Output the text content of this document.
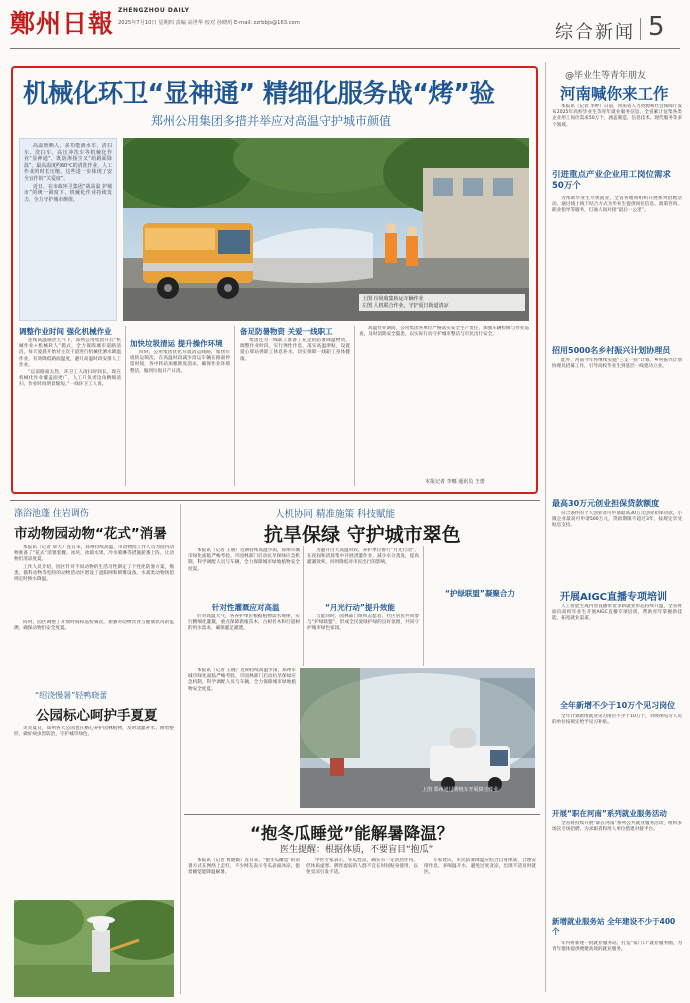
鄭州日報 ZHENGZHOU DAILY
2025年7月10日 星期四 责编 高世华 校对 孙晓玥 E-mail: zzrbbjs@163.com	综合新闻 5
机械化环卫“显神通” 精细化服务战“烤”验
郑州公用集团多措并举应对高温守护城市颜值

高温既晒人，多功能洒水车、清扫车、洗扫车、高压冲洗车等机械化作业“显神通”，既防渗扬尘又“给路面降温”。最高温度约60℃的清洗作业、人工作业的时长压缩，这些进一步体现了安全宜作的“关爱度”。

近日，在市政环卫集团“战高温 护城市”的统一调度下，机械化作业持续发力，全力守护城市颜值。

上图 垃圾收集转运车辆作业
左图 人机联合作业，守护夏日街道清凉
调整作业时间 强化机械作业

连续高温晴热天气下，郑州公用集团开启“机械作业+机械转人”模式，全力保障城市道路清洁。每天凌晨开始对主次干道进行机械化洒水降温作业，有效降低路面温度，避开高温时段安排人工作业。

“以前路面太热，环卫工人清扫时间长。现在机械化作业覆盖面更广，人工只负责边角精细清扫，作业时间明显缩短。”一线环卫工人说。

加快垃圾清运 提升操作环境

同时，公用集团优化垃圾清运线路，加快垃圾转运频次，在高温时段减少清运车辆在路面停留时间，各中转站加强除臭消杀，确保作业环境整洁，做到垃圾日产日清。

备足防暑物资 关爱一线职工

集团还为一线职工准备了充足的防暑降温物资，调整作业时段，实行弹性作息，落实高温津贴，设置爱心驿站供职工休息补水，切实保障一线职工身体健康。

高温作业期间，公用集团各单位严格落实安全生产责任，加强车辆检修与作业巡查，及时消除安全隐患，以实际行动守护城市整洁与市民出行安全。

本报记者 李娜 通讯员 王蕾
@毕业生等青年朋友
河南喊你来工作

本报讯（记者 李婷）日前，河南省人力资源和社会保障厅发布2025年高校毕业生等青年就业服务信息，全省累计征集各类企业用工岗位需求50万个，涵盖制造、信息技术、现代服务等多个领域。

引进重点产业企业用工岗位需求50万个

为帮助毕业生尽快就业，全省各地将组织开展系列招聘活动，通过线上线下结合方式为毕业生提供岗位信息、政策咨询、职业指导等服务，打通人岗对接“最后一公里”。

招用5000名乡村振兴计划协理员

此外，河南今年将继续实施“三支一扶”计划、乡村振兴计划协理员招募工作，引导高校毕业生到基层一线建功立业。

最高30万元创业担保贷款额度

符合条件的个人创业者可申请最高30万元创业担保贷款，小微企业最高可申请500万元，贷款期限不超过3年，按规定享受贴息支持。

开展AIGC直播专项培训

人工智能生成内容直播带货等新就业形态持续升温，全省将面向高校毕业生开展AIGC直播专项培训，帮助青年掌握新技能、拓宽就业渠道。

全年新增不少于10万个见习岗位

全年计划新增就业见习岗位不少于10万个，对吸纳见习人员的单位按规定给予见习补贴。

开展“职在河南”系列就业服务活动

全省将持续开展“职在河南”系列公共就业服务活动，组织多场次专场招聘，为求职者和用人单位搭建对接平台。

新增就业服务站 全年建设不少于400个

年内将新建一批就业服务站，打造“家门口”就业服务圈，为青年群体提供便捷高效的就业服务。

涤浴池蓬 住岩调伤
市动物园动物“花式”消暑

本报讯（记者 覃天）连日来，郑州持续高温，市动物园工作人员为园内动物准备了“花式”消暑套餐。冰块、冰镇水果、冷水喷淋等措施轮番上阵，让动物们清凉度夏。

工作人员介绍，园区针对不同动物的生活习性制定了个性化防暑方案，熊类、猫科动物等怕热的动物活动区增设了遮阳网和喷雾设备，水禽类动物场馆则定时换水降温。

同时，园区调整了开放时间和巡检频次，加强对动物饮食与健康状况的监测，确保动物们安全度夏。

“绍浇慢暑”轻鸭晓蕾
公园标心呵护手夏夏

炎炎夏日，郑州各大公园也在精心养护园林植物，及时浇灌补水、修剪整形，做好病虫害防治，守护城市绿色。

人机协同 精准施策 科技赋能
抗旱保绿 守护城市翠色

本报讯（记者 王晓）近期持续高温少雨，郑州市城市绿化面临严峻考验。市园林部门启动抗旱保绿应急机制，科学调配人员与车辆，全力保障城市绿地植物安全度夏。

针对性灌溉应对高温

针对高温天气，各养护单位根据植物需水规律，实行精细化灌溉，重点保障新植苗木、古树名木和行道树的用水需求，确保灌足灌透。

为避开白天高温时段，养护单位推行“月光行动”，在夜间和清晨集中开展浇灌作业，减少水分蒸发，提高灌溉效率，同时降低对市民出行的影响。

“月光行动”提升效能

与此同时，园林部门组织志愿者、社区居民共同参与“护绿联盟”，形成全民爱绿护绿的良好氛围，共同守护城市绿色家园。

“护绿联盟”凝聚合力
上图 郑州通过雾炮车开展降尘作业

本报讯（记者 王晓）近期持续高温少雨，郑州市城市绿化面临严峻考验。市园林部门启动抗旱保绿应急机制，科学调配人员与车辆，全力保障城市绿地植物安全度夏。

“抱冬瓜睡觉”能解暑降温？
医生提醒：根据体质，不要盲目“抱瓜”

本报讯（记者 黄晓薇）连日来，“抱冬瓜睡觉”的消暑方式在网络上走红，不少网友表示冬瓜表面冰凉，抱着睡觉能降温解暑。

中医专家表示，冬瓜性凉，确实有一定清热作用，但体质虚寒、脾胃虚弱的人群不宜长时间贴身使用，以免受凉引发不适。

专家建议，市民防暑降温应结合自身体质，合理安排作息，多喝温开水，避免过度贪凉，出现不适及时就医。
